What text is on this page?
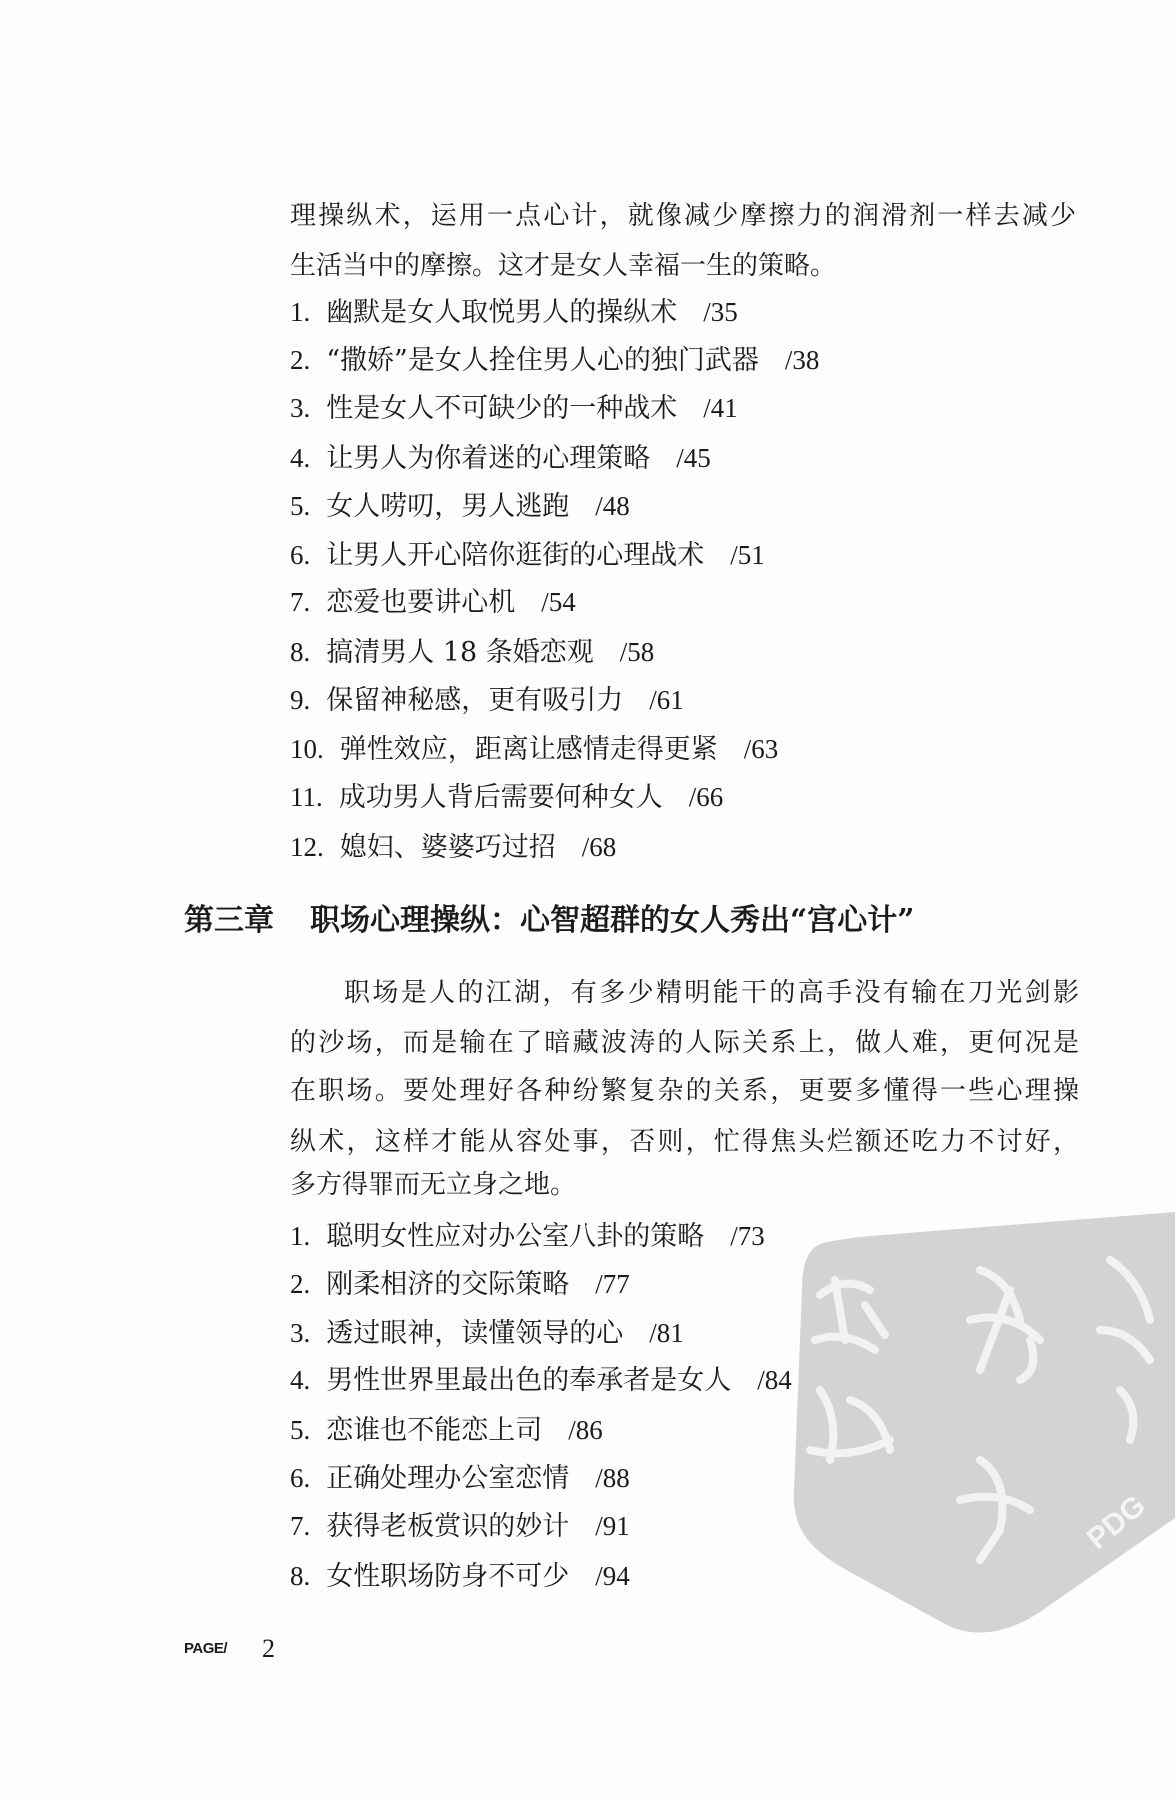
PDG
理操纵术，运用一点心计，就像减少摩擦力的润滑剂一样去减少
生活当中的摩擦。这才是女人幸福一生的策略。
1. 幽默是女人取悦男人的操纵术 /35
2. “撒娇”是女人拴住男人心的独门武器 /38
3. 性是女人不可缺少的一种战术 /41
4. 让男人为你着迷的心理策略 /45
5. 女人唠叨，男人逃跑 /48
6. 让男人开心陪你逛街的心理战术 /51
7. 恋爱也要讲心机 /54
8. 搞清男人 18 条婚恋观 /58
9. 保留神秘感，更有吸引力 /61
10. 弹性效应，距离让感情走得更紧 /63
11. 成功男人背后需要何种女人 /66
12. 媳妇、婆婆巧过招 /68
第三章 职场心理操纵：心智超群的女人秀出“宫心计”
职场是人的江湖，有多少精明能干的高手没有输在刀光剑影
的沙场，而是输在了暗藏波涛的人际关系上，做人难，更何况是
在职场。要处理好各种纷繁复杂的关系，更要多懂得一些心理操
纵术，这样才能从容处事，否则，忙得焦头烂额还吃力不讨好，
多方得罪而无立身之地。
1. 聪明女性应对办公室八卦的策略 /73
2. 刚柔相济的交际策略 /77
3. 透过眼神，读懂领导的心 /81
4. 男性世界里最出色的奉承者是女人 /84
5. 恋谁也不能恋上司 /86
6. 正确处理办公室恋情 /88
7. 获得老板赏识的妙计 /91
8. 女性职场防身不可少 /94
PAGE/ 2
